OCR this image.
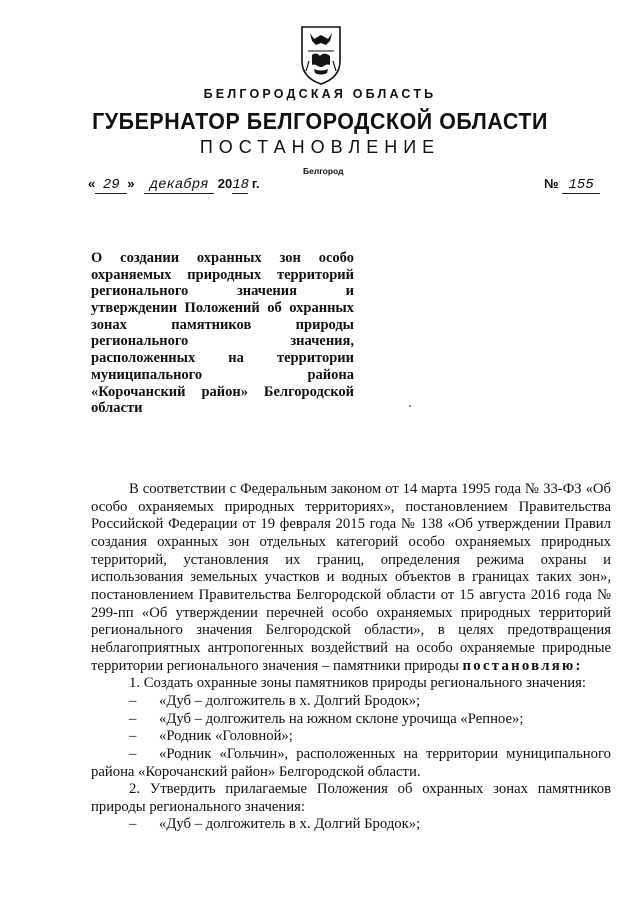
БЕЛГОРОДСКАЯ ОБЛАСТЬ
ГУБЕРНАТОР БЕЛГОРОДСКОЙ ОБЛАСТИ
ПОСТАНОВЛЕНИЕ
Белгород
« 29 » декабря 2018 г.	№ 155
О создании охранных зон особо
охраняемых природных территорий
регионального значения и
утверждении Положений об охранных
зонах памятников природы
регионального значения,
расположенных на территории
муниципального района
«Корочанский район» Белгородской
области

В соответствии с Федеральным законом от 14 марта 1995 года № 33-ФЗ «Об особо охраняемых природных территориях», постановлением Правительства Российской Федерации от 19 февраля 2015 года № 138 «Об утверждении Правил создания охранных зон отдельных категорий особо охраняемых природных территорий, установления их границ, определения режима охраны и использования земельных участков и водных объектов в границах таких зон», постановлением Правительства Белгородской области от 15 августа 2016 года № 299-пп «Об утверждении перечней особо охраняемых природных территорий регионального значения Белгородской области», в целях предотвращения неблагоприятных антропогенных воздействий на особо охраняемые природные территории регионального значения – памятники природы постановляю:

1. Создать охранные зоны памятников природы регионального значения:

– «Дуб – долгожитель в х. Долгий Бродок»;

– «Дуб – долгожитель на южном склоне урочища «Репное»;

– «Родник «Головной»;

– «Родник «Гольчин», расположенных на территории муниципального района «Корочанский район» Белгородской области.

2. Утвердить прилагаемые Положения об охранных зонах памятников природы регионального значения:

– «Дуб – долгожитель в х. Долгий Бродок»;
